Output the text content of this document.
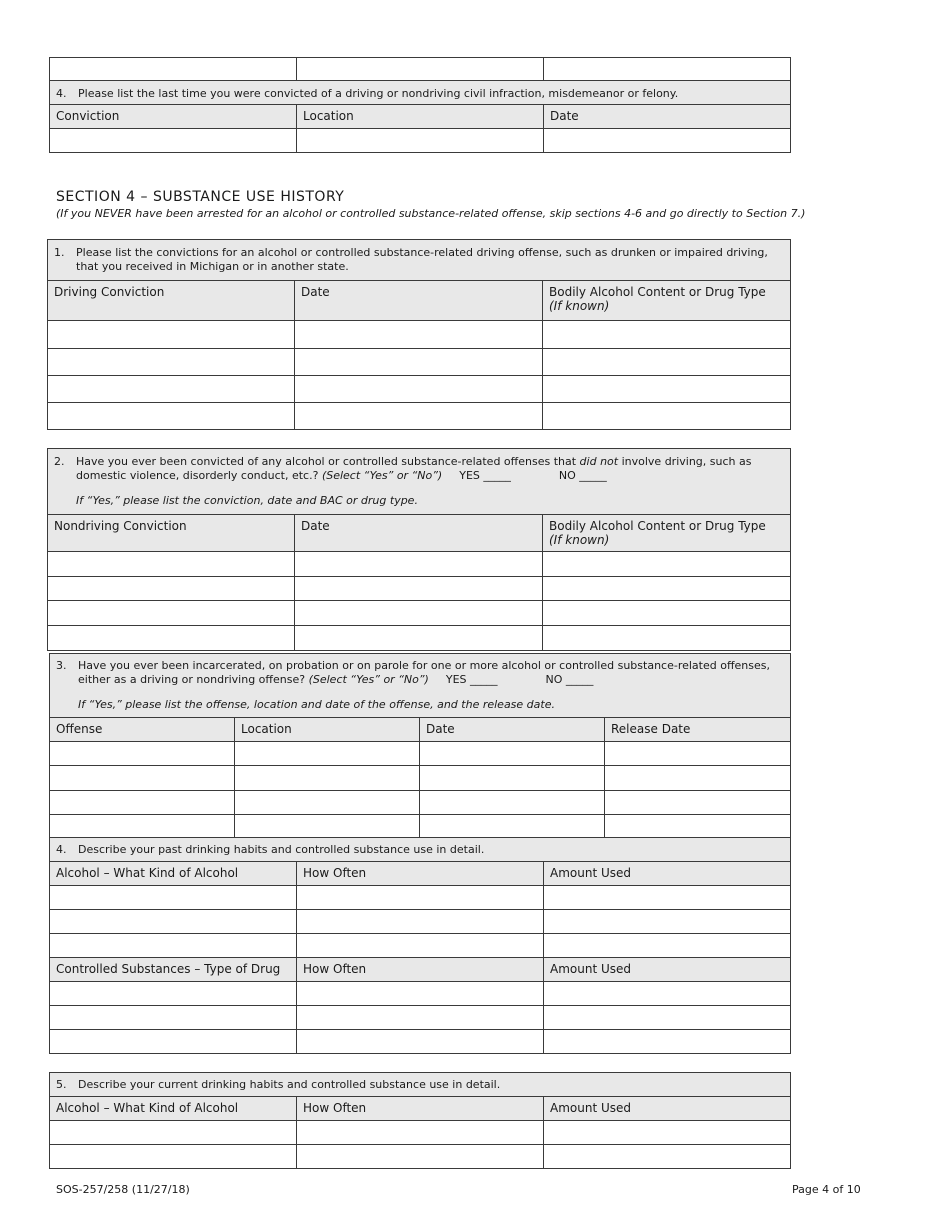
4. Please list the last time you were convicted of a driving or nondriving civil infraction, misdemeanor or felony.		
Conviction	Location	Date

SECTION 4 – SUBSTANCE USE HISTORY
(If you NEVER have been arrested for an alcohol or controlled substance-related offense, skip sections 4-6 and go directly to Section 7.)
1. Please list the convictions for an alcohol or controlled substance-related driving offense, such as drunken or impaired driving,
that you received in Michigan or in another state.		

Driving Conviction	Date	Bodily Alcohol Content or Drug Type
(If known)

2. Have you ever been convicted of any alcohol or controlled substance-related offenses that did not involve driving, such as
domestic violence, disorderly conduct, etc.? (Select “Yes” or “No”) YES _____ NO _____
If “Yes,” please list the conviction, date and BAC or drug type.		

Nondriving Conviction	Date	Bodily Alcohol Content or Drug Type
(If known)

3. Have you ever been incarcerated, on probation or on parole for one or more alcohol or controlled substance-related offenses,
either as a driving or nondriving offense? (Select “Yes” or “No”) YES _____ NO _____
If “Yes,” please list the offense, location and date of the offense, and the release date.			

Offense	Location	Date	Release Date

4. Describe your past drinking habits and controlled substance use in detail.		
Alcohol – What Kind of Alcohol	How Often	Amount Used

Controlled Substances – Type of Drug	How Often	Amount Used

5. Describe your current drinking habits and controlled substance use in detail.		
Alcohol – What Kind of Alcohol	How Often	Amount Used

SOS-257/258 (11/27/18)	Page 4 of 10
